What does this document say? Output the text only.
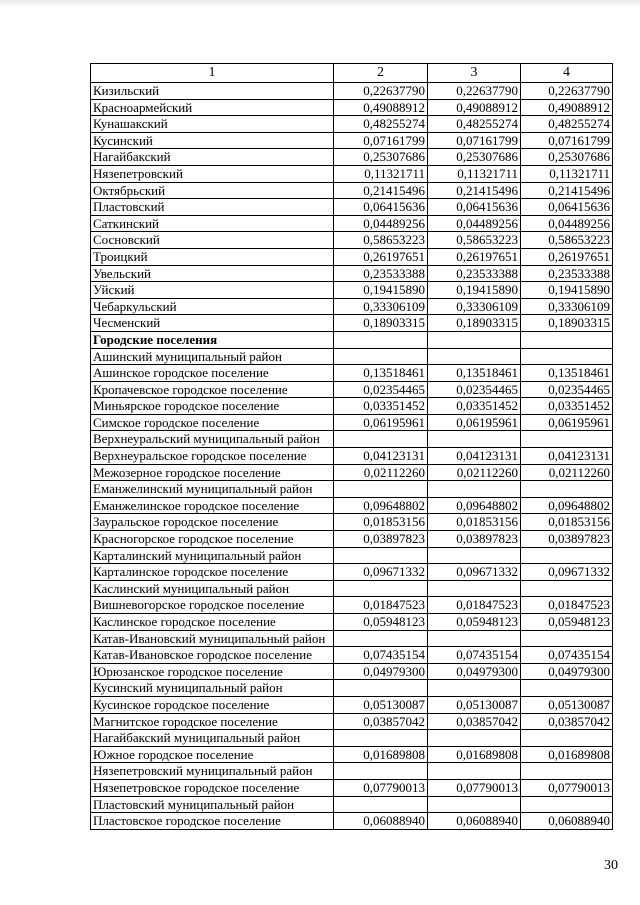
1	2	3	4
Кизильский	0,22637790	0,22637790	0,22637790
Красноармейский	0,49088912	0,49088912	0,49088912
Кунашакский	0,48255274	0,48255274	0,48255274
Кусинский	0,07161799	0,07161799	0,07161799
Нагайбакский	0,25307686	0,25307686	0,25307686
Нязепетровский	0,11321711	0,11321711	0,11321711
Октябрьский	0,21415496	0,21415496	0,21415496
Пластовский	0,06415636	0,06415636	0,06415636
Саткинский	0,04489256	0,04489256	0,04489256
Сосновский	0,58653223	0,58653223	0,58653223
Троицкий	0,26197651	0,26197651	0,26197651
Увельский	0,23533388	0,23533388	0,23533388
Уйский	0,19415890	0,19415890	0,19415890
Чебаркульский	0,33306109	0,33306109	0,33306109
Чесменский	0,18903315	0,18903315	0,18903315
Городские поселения			
Ашинский муниципальный район			
Ашинское городское поселение	0,13518461	0,13518461	0,13518461
Кропачевское городское поселение	0,02354465	0,02354465	0,02354465
Миньярское городское поселение	0,03351452	0,03351452	0,03351452
Симское городское поселение	0,06195961	0,06195961	0,06195961
Верхнеуральский муниципальный район			
Верхнеуральское городское поселение	0,04123131	0,04123131	0,04123131
Межозерное городское поселение	0,02112260	0,02112260	0,02112260
Еманжелинский муниципальный район			
Еманжелинское городское поселение	0,09648802	0,09648802	0,09648802
Зауральское городское поселение	0,01853156	0,01853156	0,01853156
Красногорское городское поселение	0,03897823	0,03897823	0,03897823
Карталинский муниципальный район			
Карталинское городское поселение	0,09671332	0,09671332	0,09671332
Каслинский муниципальный район			
Вишневогорское городское поселение	0,01847523	0,01847523	0,01847523
Каслинское городское поселение	0,05948123	0,05948123	0,05948123
Катав-Ивановский муниципальный район			
Катав-Ивановское городское поселение	0,07435154	0,07435154	0,07435154
Юрюзанское городское поселение	0,04979300	0,04979300	0,04979300
Кусинский муниципальный район			
Кусинское городское поселение	0,05130087	0,05130087	0,05130087
Магнитское городское поселение	0,03857042	0,03857042	0,03857042
Нагайбакский муниципальный район			
Южное городское поселение	0,01689808	0,01689808	0,01689808
Нязепетровский муниципальный район			
Нязепетровское городское поселение	0,07790013	0,07790013	0,07790013
Пластовский муниципальный район			
Пластовское городское поселение	0,06088940	0,06088940	0,06088940
30
